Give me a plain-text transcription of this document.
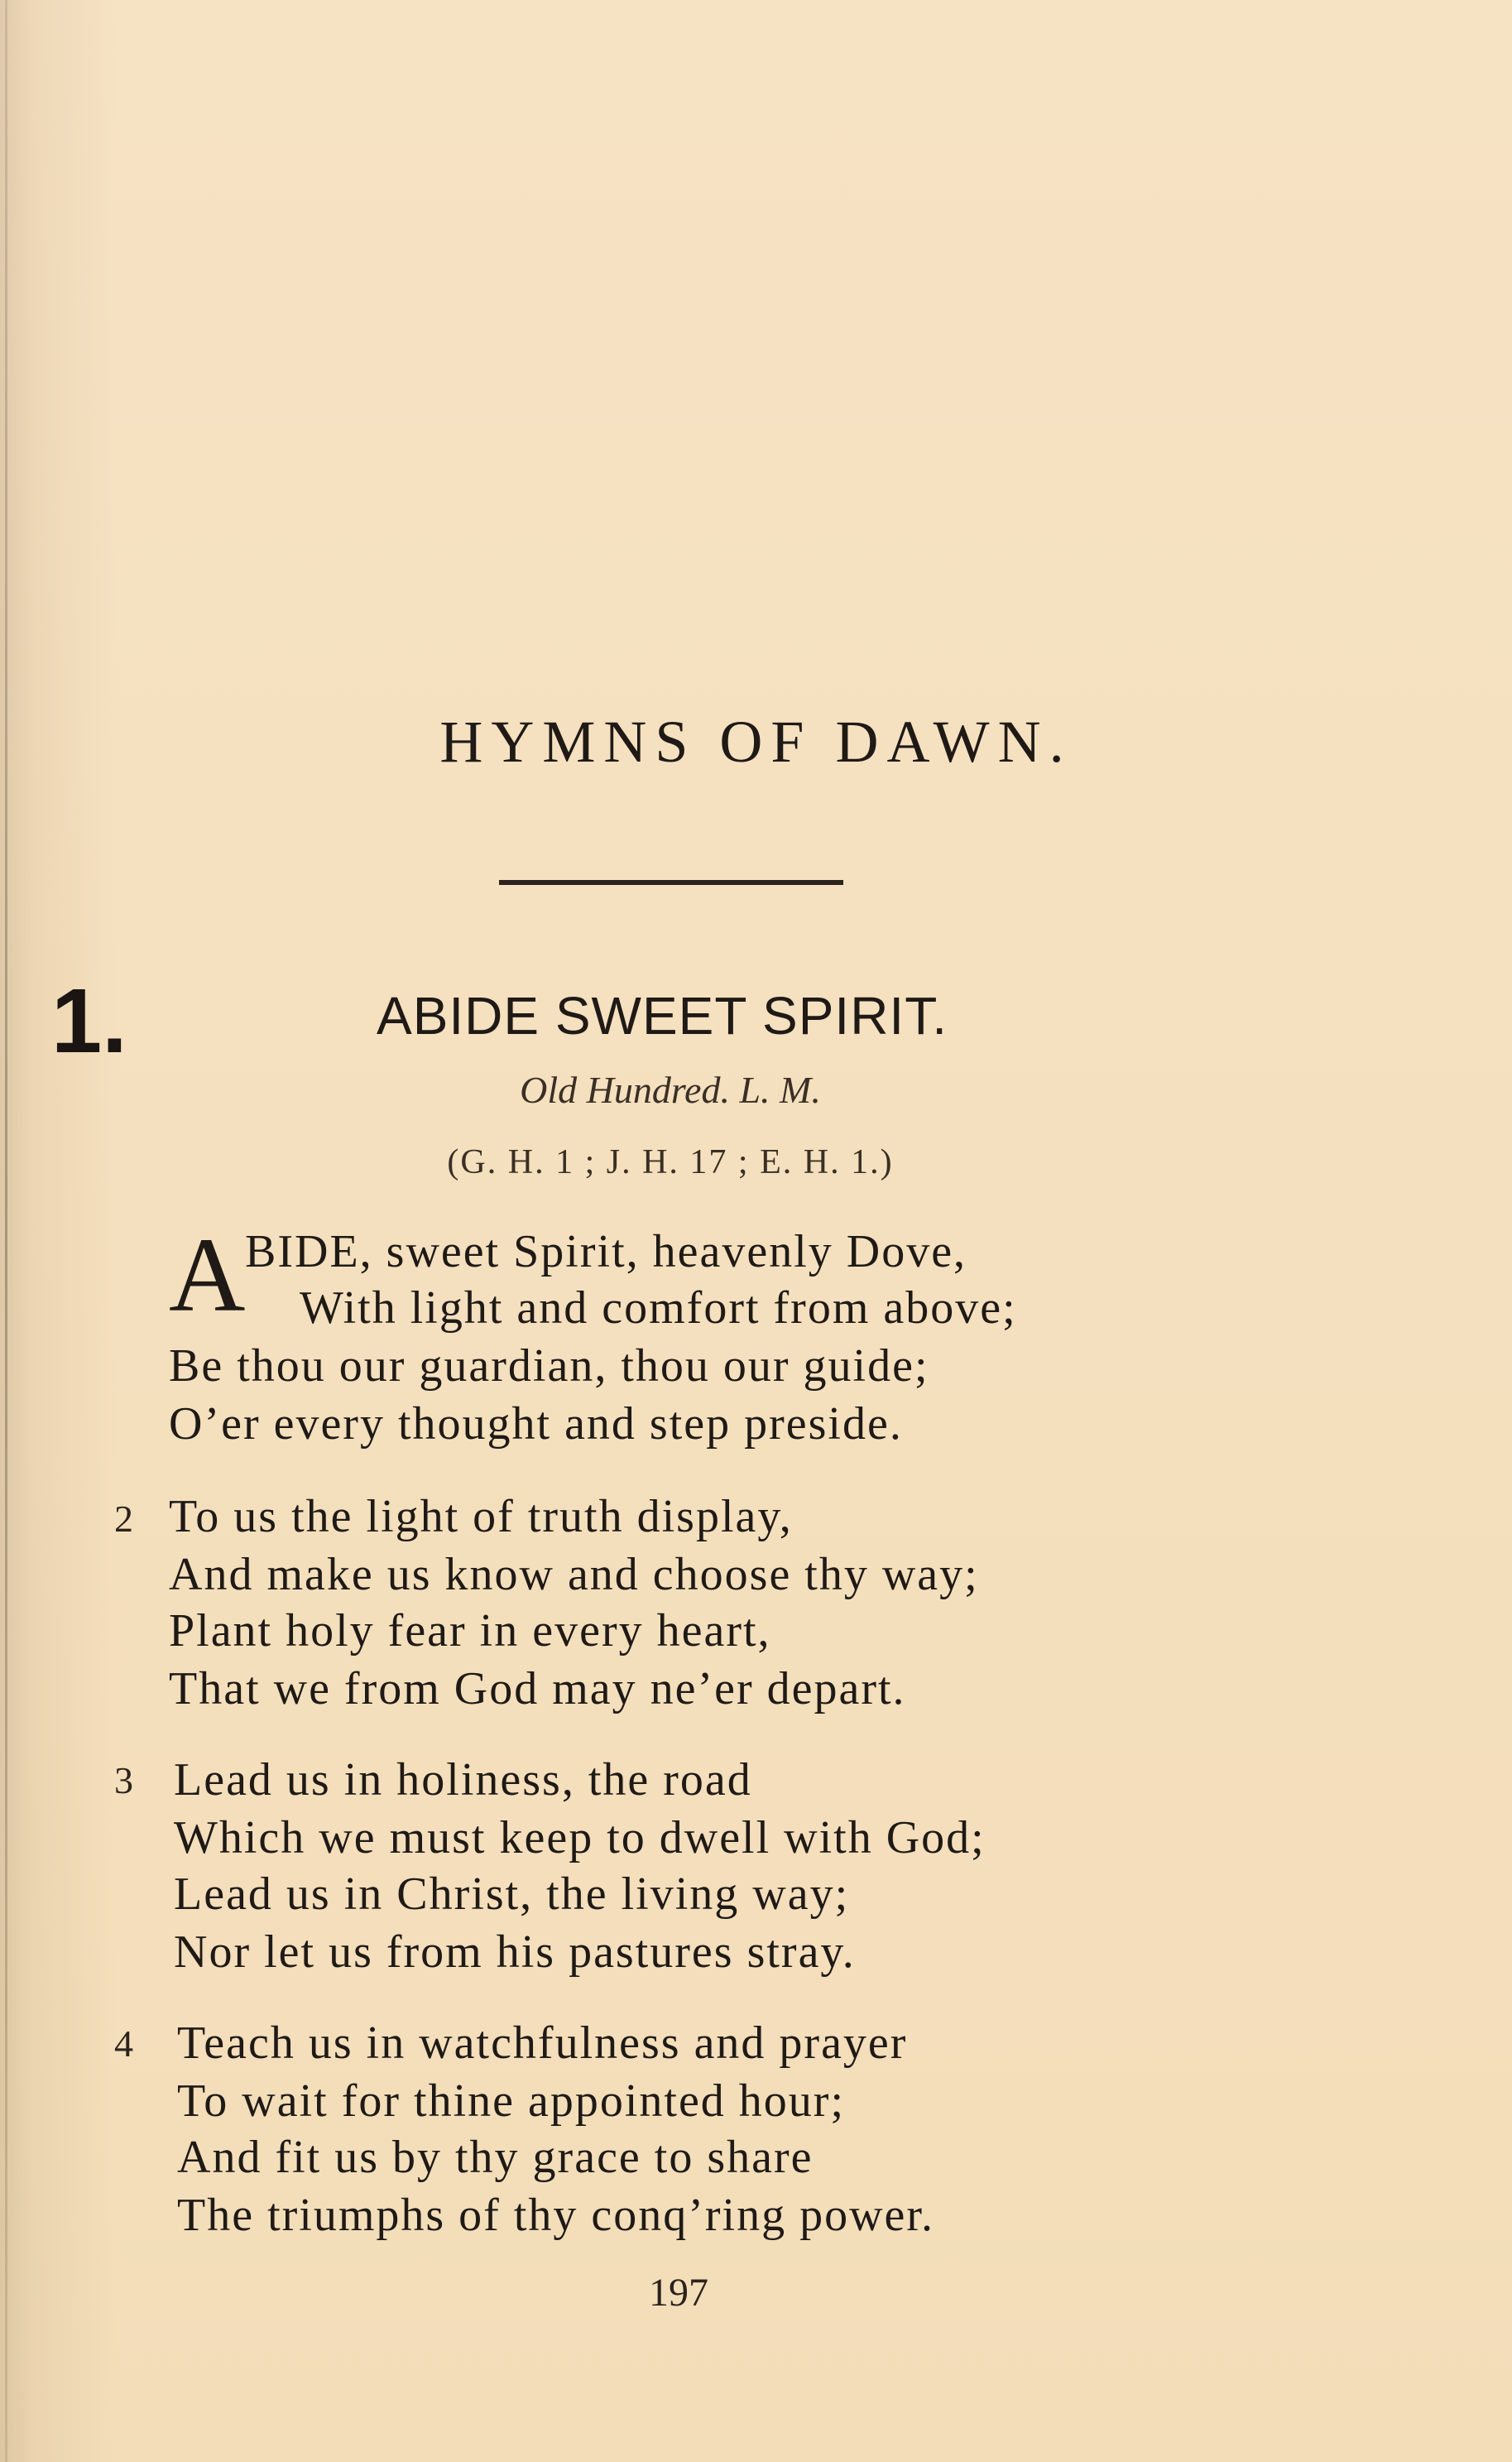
HYMNS OF DAWN.
1.	ABIDE SWEET SPIRIT.
Old Hundred. L. M.
(G. H. 1 ; J. H. 17 ; E. H. 1.)
A BIDE, sweet Spirit, heavenly Dove,
With light and comfort from above;
Be thou our guardian, thou our guide;
O’er every thought and step preside.
2 To us the light of truth display,
And make us know and choose thy way;
Plant holy fear in every heart,
That we from God may ne’er depart.
3 Lead us in holiness, the road
Which we must keep to dwell with God;
Lead us in Christ, the living way;
Nor let us from his pastures stray.
4 Teach us in watchfulness and prayer
To wait for thine appointed hour;
And fit us by thy grace to share
The triumphs of thy conq’ring power.
197
